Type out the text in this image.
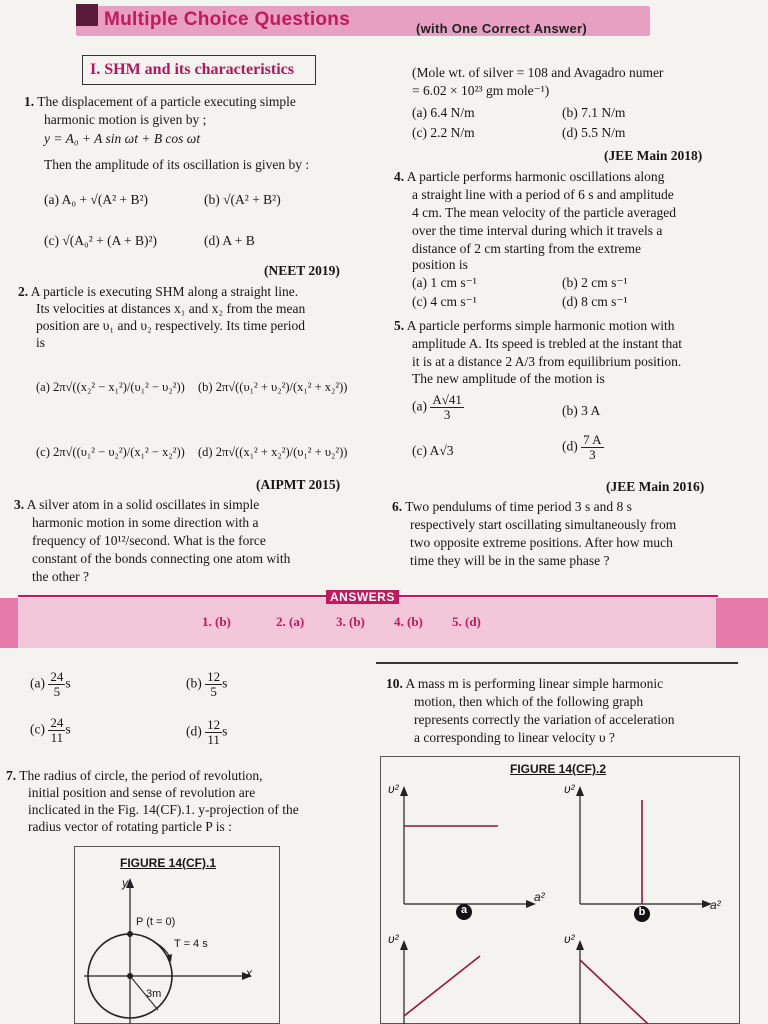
Multiple Choice Questions	(with One Correct Answer)
I. SHM and its characteristics
1. The displacement of a particle executing simple
harmonic motion is given by ;
y = A₀ + A sin ωt + B cos ωt
Then the amplitude of its oscillation is given by :
(a) A₀ + √(A² + B²)	(b) √(A² + B²)
(c) √(A₀² + (A + B)²)	(d) A + B
(NEET 2019)
2. A particle is executing SHM along a straight line.
Its velocities at distances x₁ and x₂ from the mean
position are υ₁ and υ₂ respectively. Its time period
is
(a) 2π√((x₂² − x₁²)/(υ₁² − υ₂²)) (b) 2π√((υ₁² + υ₂²)/(x₁² + x₂²))
(c) 2π√((υ₁² − υ₂²)/(x₁² − x₂²)) (d) 2π√((x₁² + x₂²)/(υ₁² + υ₂²))
(AIPMT 2015)
3. A silver atom in a solid oscillates in simple
harmonic motion in some direction with a
frequency of 10¹²/second. What is the force
constant of the bonds connecting one atom with
the other ?
(Mole wt. of silver = 108 and Avagadro numer
= 6.02 × 10²³ gm mole⁻¹)
(a) 6.4 N/m	(b) 7.1 N/m
(c) 2.2 N/m	(d) 5.5 N/m
(JEE Main 2018)
4. A particle performs harmonic oscillations along
a straight line with a period of 6 s and amplitude
4 cm. The mean velocity of the particle averaged
over the time interval during which it travels a
distance of 2 cm starting from the extreme
position is
(a) 1 cm s⁻¹	(b) 2 cm s⁻¹
(c) 4 cm s⁻¹	(d) 8 cm s⁻¹
5. A particle performs simple harmonic motion with
amplitude A. Its speed is trebled at the instant that
it is at a distance 2 A/3 from equilibrium position.
The new amplitude of the motion is
$(a) \frac{A√41}{3}$	(b) 3 A
(c) A√3	$(d) \frac{7 A}{3}$
(JEE Main 2016)
6. Two pendulums of time period 3 s and 8 s
respectively start oscillating simultaneously from
two opposite extreme positions. After how much
time they will be in the same phase ?
ANSWERS
1. (b)	2. (a) 3. (b) 4. (b) 5. (d)
$(a) \frac{24}{5}$ s	$(b) \frac{12}{5}$ s
$(c) \frac{24}{11}$ s	$(d) \frac{12}{11}$ s
7. The radius of circle, the period of revolution,
initial position and sense of revolution are
inclicated in the Fig. 14(CF).1. y-projection of the
radius vector of rotating particle P is :
FIGURE 14(CF).1
y
x
P (t = 0)
T = 4 s
3m
10. A mass m is performing linear simple harmonic
motion, then which of the following graph
represents correctly the variation of acceleration
a corresponding to linear velocity υ ?
FIGURE 14(CF).2
υ²
a²
υ²
a²
υ²	υ²
a	b
